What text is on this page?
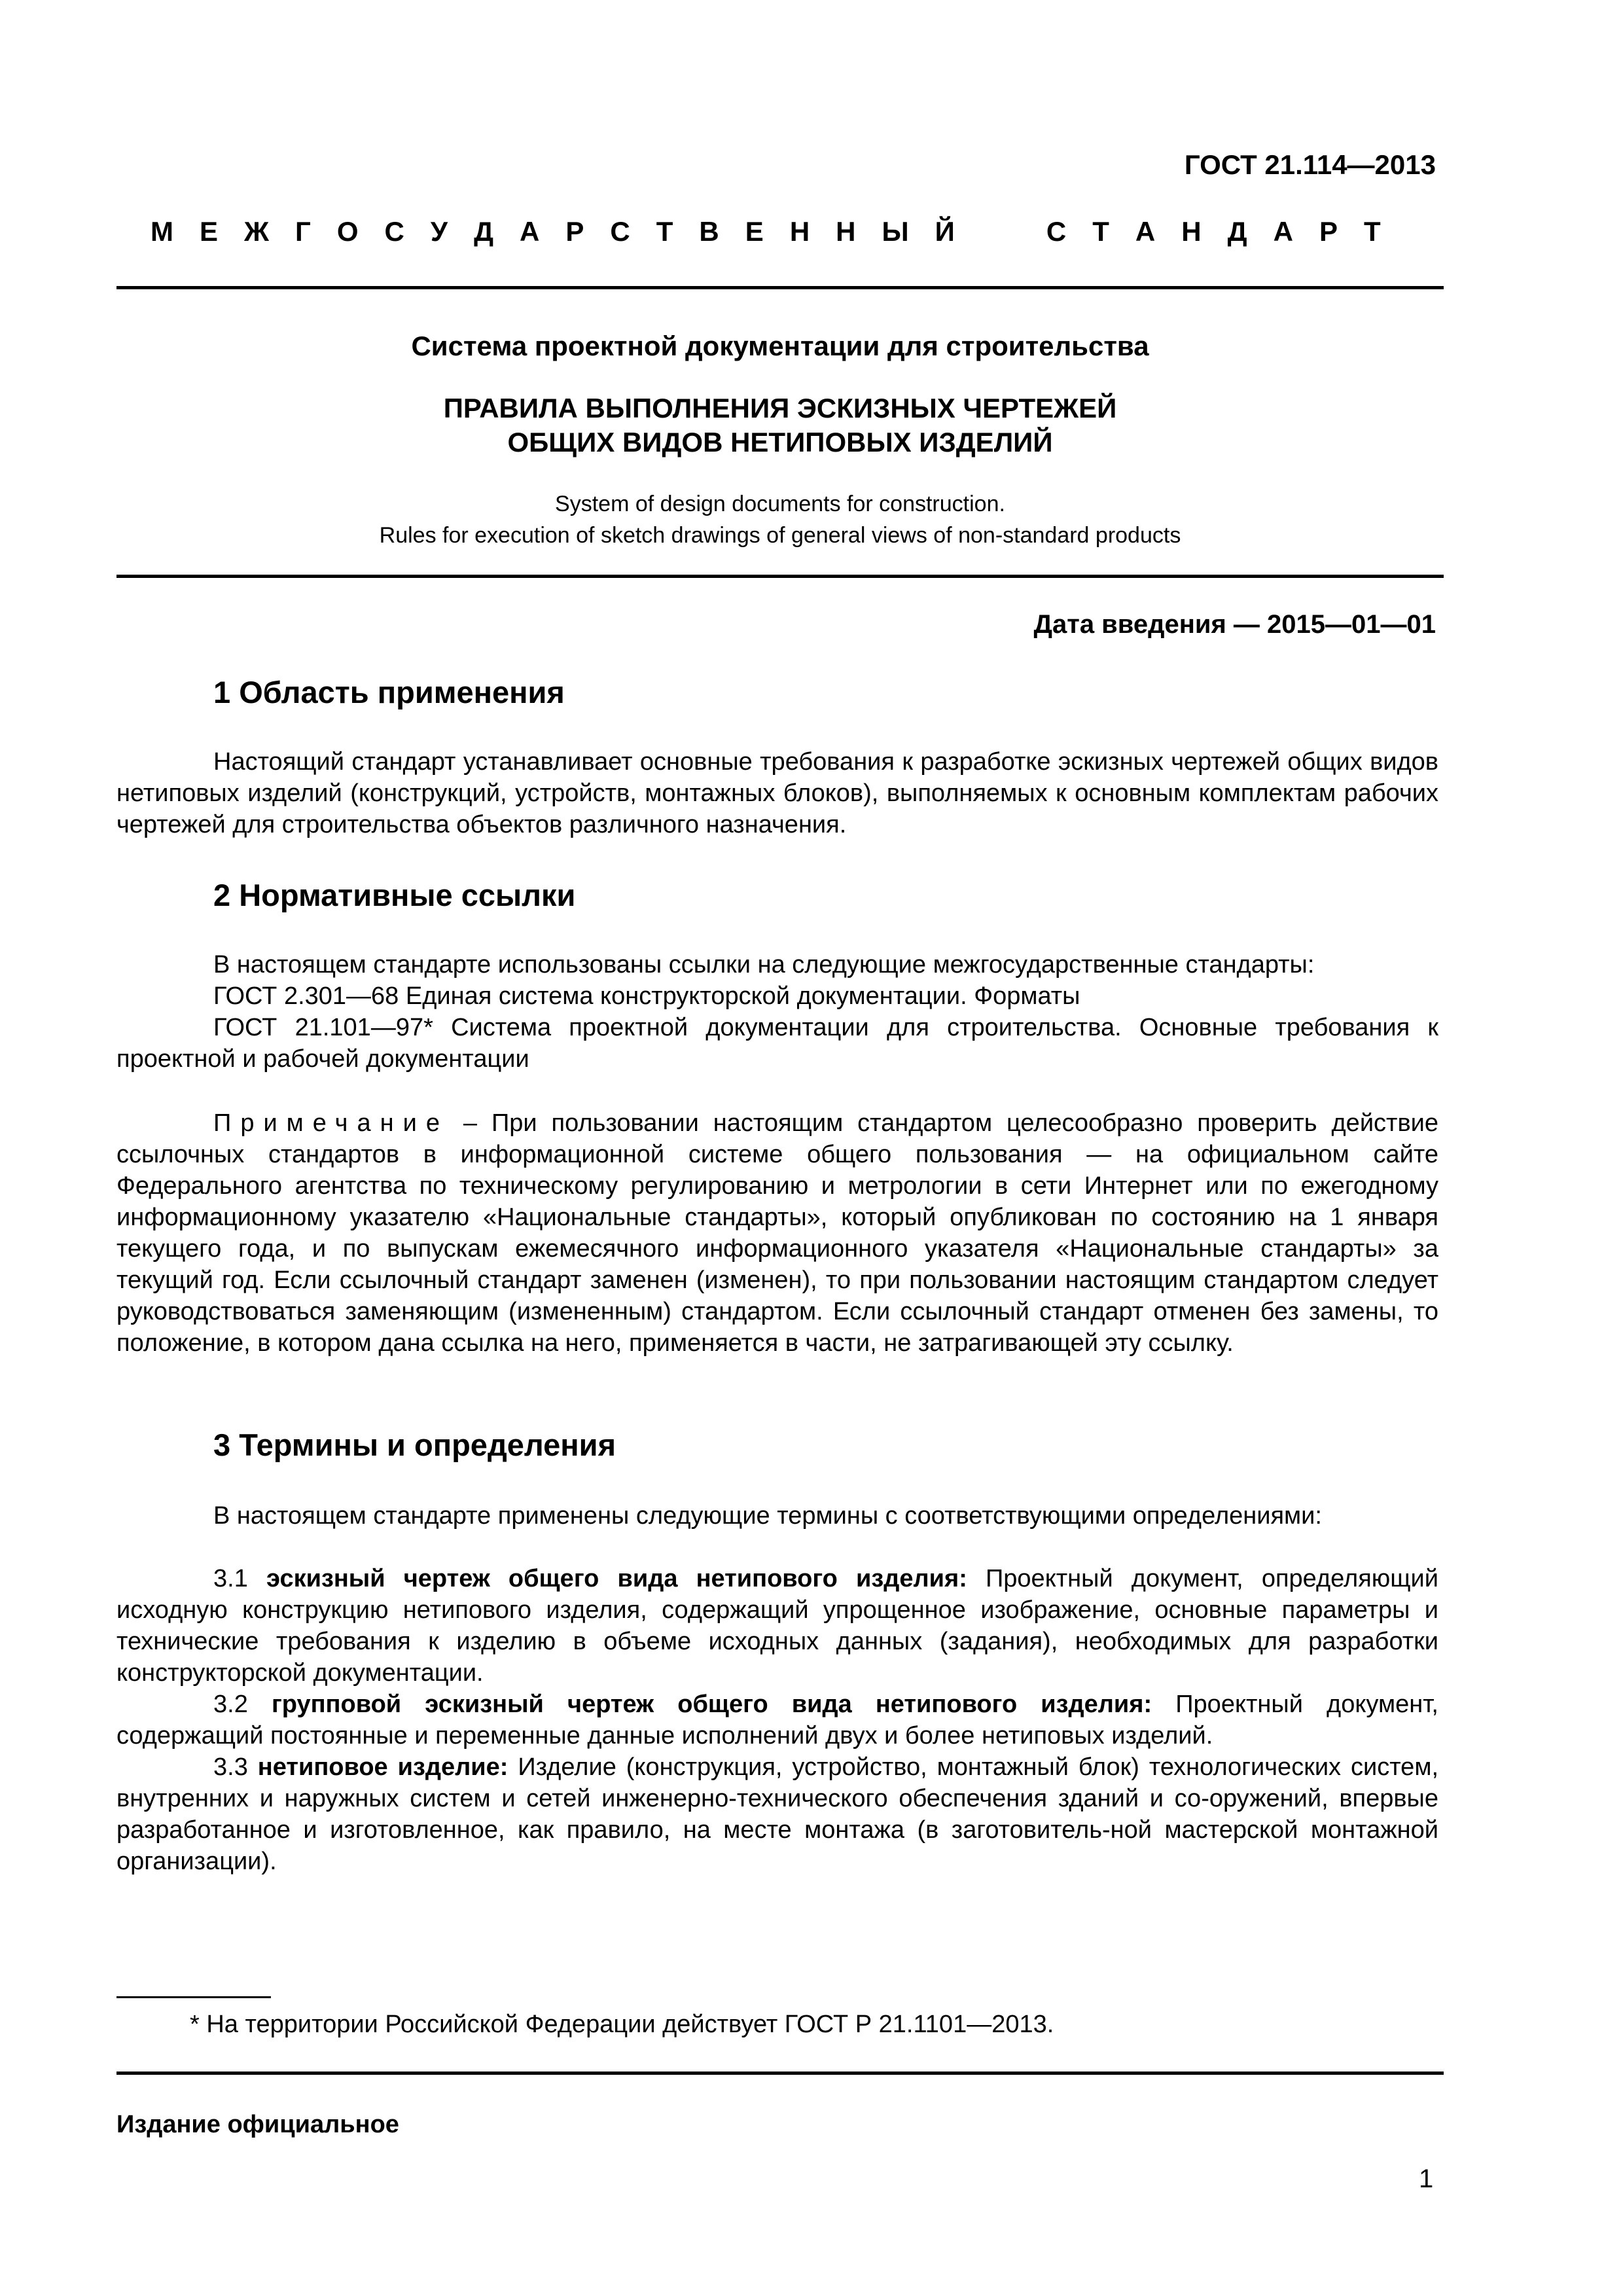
ГОСТ 21.114—2013
М Е Ж Г О С У Д А Р С Т В Е Н Н Ы Й	С Т А Н Д А Р Т
Система проектной документации для строительства
ПРАВИЛА ВЫПОЛНЕНИЯ ЭСКИЗНЫХ ЧЕРТЕЖЕЙ
ОБЩИХ ВИДОВ НЕТИПОВЫХ ИЗДЕЛИЙ
System of design documents for construction.
Rules for execution of sketch drawings of general views of non-standard products
Дата введения — 2015—01—01
1 Область применения
Настоящий стандарт устанавливает основные требования к разработке эскизных чертежей общих видов нетиповых изделий (конструкций, устройств, монтажных блоков), выполняемых к основным комплектам рабочих чертежей для строительства объектов различного назначения.
2 Нормативные ссылки
В настоящем стандарте использованы ссылки на следующие межгосударственные стандарты:
ГОСТ 2.301—68 Единая система конструкторской документации. Форматы
ГОСТ 21.101—97* Система проектной документации для строительства. Основные требования к проектной и рабочей документации
Примечание – При пользовании настоящим стандартом целесообразно проверить действие ссылочных стандартов в информационной системе общего пользования — на официальном сайте Федерального агентства по техническому регулированию и метрологии в сети Интернет или по ежегодному информационному указателю «Национальные стандарты», который опубликован по состоянию на 1 января текущего года, и по выпускам ежемесячного информационного указателя «Национальные стандарты» за текущий год. Если ссылочный стандарт заменен (изменен), то при пользовании настоящим стандартом следует руководствоваться заменяющим (измененным) стандартом. Если ссылочный стандарт отменен без замены, то положение, в котором дана ссылка на него, применяется в части, не затрагивающей эту ссылку.
3 Термины и определения
В настоящем стандарте применены следующие термины с соответствующими определениями:
3.1 эскизный чертеж общего вида нетипового изделия: Проектный документ, определяющий исходную конструкцию нетипового изделия, содержащий упрощенное изображение, основные параметры и технические требования к изделию в объеме исходных данных (задания), необходимых для разработки конструкторской документации.
3.2 групповой эскизный чертеж общего вида нетипового изделия: Проектный документ, содержащий постоянные и переменные данные исполнений двух и более нетиповых изделий.
3.3 нетиповое изделие: Изделие (конструкция, устройство, монтажный блок) технологических систем, внутренних и наружных систем и сетей инженерно-технического обеспечения зданий и со-оружений, впервые разработанное и изготовленное, как правило, на месте монтажа (в заготовитель-ной мастерской монтажной организации).
* На территории Российской Федерации действует ГОСТ Р 21.1101—2013.
Издание официальное
1
